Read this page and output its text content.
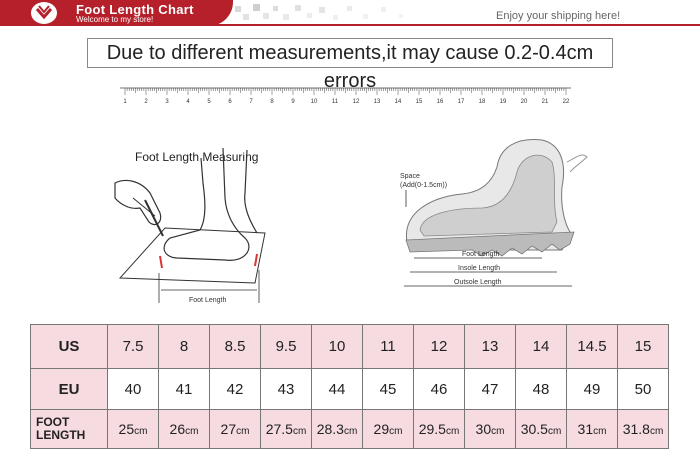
Foot Length Chart
Welcome to my store!	Enjoy your shipping here!
Due to different measurements,it may cause 0.2-0.4cm errors
1	2	3	4	5	6	7	8	9	10 11 12 13 14 15 16 17 18 19 20 21 22
Foot Length Measuring
Foot Length
Space
(Add(0-1.5cm))
Foot Length
Insole Length
Outsole Length
US	7.5	8	8.5	9.5	10	11	12	13	14	14.5	15
EU	40	41	42	43	44	45	46	47	48	49	50
FOOT LENGTH	25cm	26cm	27cm	27.5cm	28.3cm	29cm	29.5cm	30cm	30.5cm	31cm	31.8cm
